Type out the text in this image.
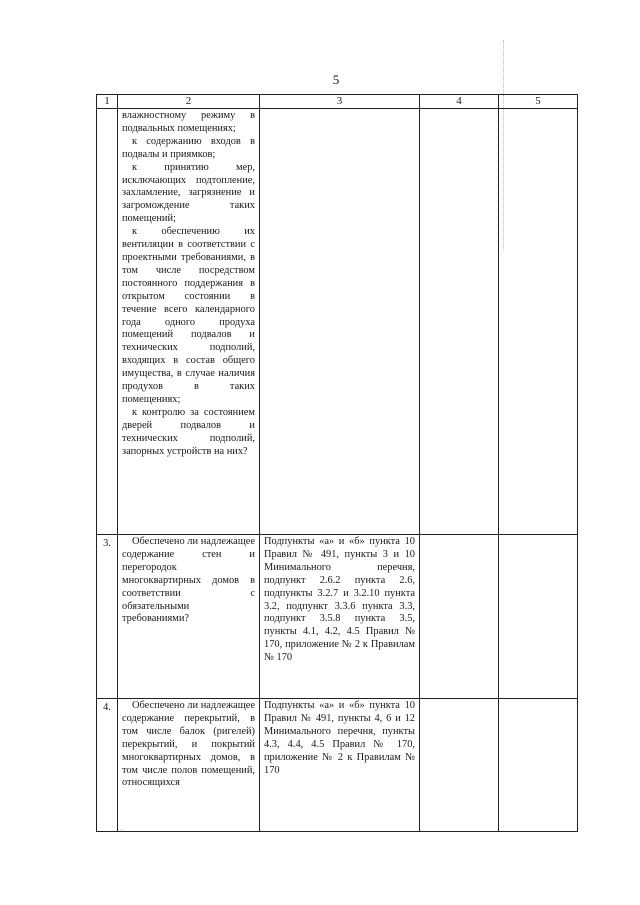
5
1	2	3	4	5

	влажностному режиму в подвальных помещениях;
к содержанию входов в подвалы и приямков;
к принятию мер, исключающих подтопление, захламление, загрязнение и загромождение таких помещений;
к обеспечению их вентиляции в соответствии с проектными требованиями, в том числе посредством постоянного поддержания в открытом состоянии в течение всего календарного года одного продуха помещений подвалов и технических подполий, входящих в состав общего имущества, в случае наличия продухов в таких помещениях;
к контролю за состоянием дверей подвалов и технических подполий, запорных устройств на них?			

3.	Обеспечено ли надлежащее содержание стен и перегородок многоквартирных домов в соответствии с обязательными требованиями?	Подпункты «а» и «б» пункта 10 Правил № 491, пункты 3 и 10 Минимального перечня, подпункт 2.6.2 пункта 2.6, подпункты 3.2.7 и 3.2.10 пункта 3.2, подпункт 3.3.6 пункта 3.3, подпункт 3.5.8 пункта 3.5, пункты 4.1, 4.2, 4.5 Правил № 170, приложение № 2 к Правилам № 170		
4.	Обеспечено ли надлежащее содержание перекрытий, в том числе балок (ригелей) перекрытий, и покрытий многоквартирных домов, в том числе полов помещений, относящихся	Подпункты «а» и «б» пункта 10 Правил № 491, пункты 4, 6 и 12 Минимального перечня, пункты 4.3, 4.4, 4.5 Правил № 170, приложение № 2 к Правилам № 170		
'
